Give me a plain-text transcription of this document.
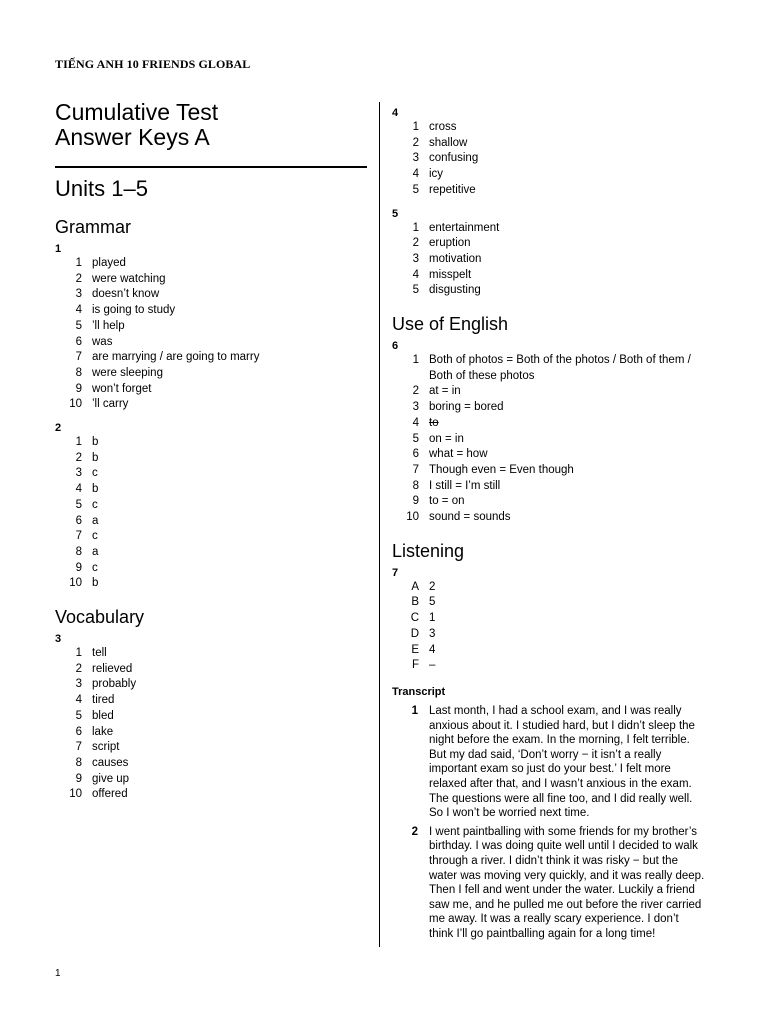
TIẾNG ANH 10 FRIENDS GLOBAL
Cumulative Test
Answer Keys A
Units 1–5
Grammar
1
1 played
2 were watching
3 doesn’t know
4 is going to study
5 ’ll help
6 was
7 are marrying / are going to marry
8 were sleeping
9 won’t forget
10 ’ll carry
2
1 b
2 b
3 c
4 b
5 c
6 a
7 c
8 a
9 c
10 b
Vocabulary
3
1 tell
2 relieved
3 probably
4 tired
5 bled
6 lake
7 script
8 causes
9 give up
10 offered
4
1 cross
2 shallow
3 confusing
4 icy
5 repetitive
5
1 entertainment
2 eruption
3 motivation
4 misspelt
5 disgusting
Use of English
6
1 Both of photos = Both of the photos / Both of them / Both of these photos
2 at = in
3 boring = bored
4 to
5 on = in
6 what = how
7 Though even = Even though
8 I still = I’m still
9 to = on
10 sound = sounds
Listening
7
A 2
B 5
C 1
D 3
E 4
F –
Transcript
1 Last month, I had a school exam, and I was really anxious about it. I studied hard, but I didn’t sleep the night before the exam. In the morning, I felt terrible. But my dad said, ‘Don’t worry − it isn’t a really important exam so just do your best.’ I felt more relaxed after that, and I wasn’t anxious in the exam. The questions were all fine too, and I did really well. So I won’t be worried next time.
2 I went paintballing with some friends for my brother’s birthday. I was doing quite well until I decided to walk through a river. I didn’t think it was risky − but the water was moving very quickly, and it was really deep. Then I fell and went under the water. Luckily a friend saw me, and he pulled me out before the river carried me away. It was a really scary experience. I don’t think I’ll go paintballing again for a long time!
1
